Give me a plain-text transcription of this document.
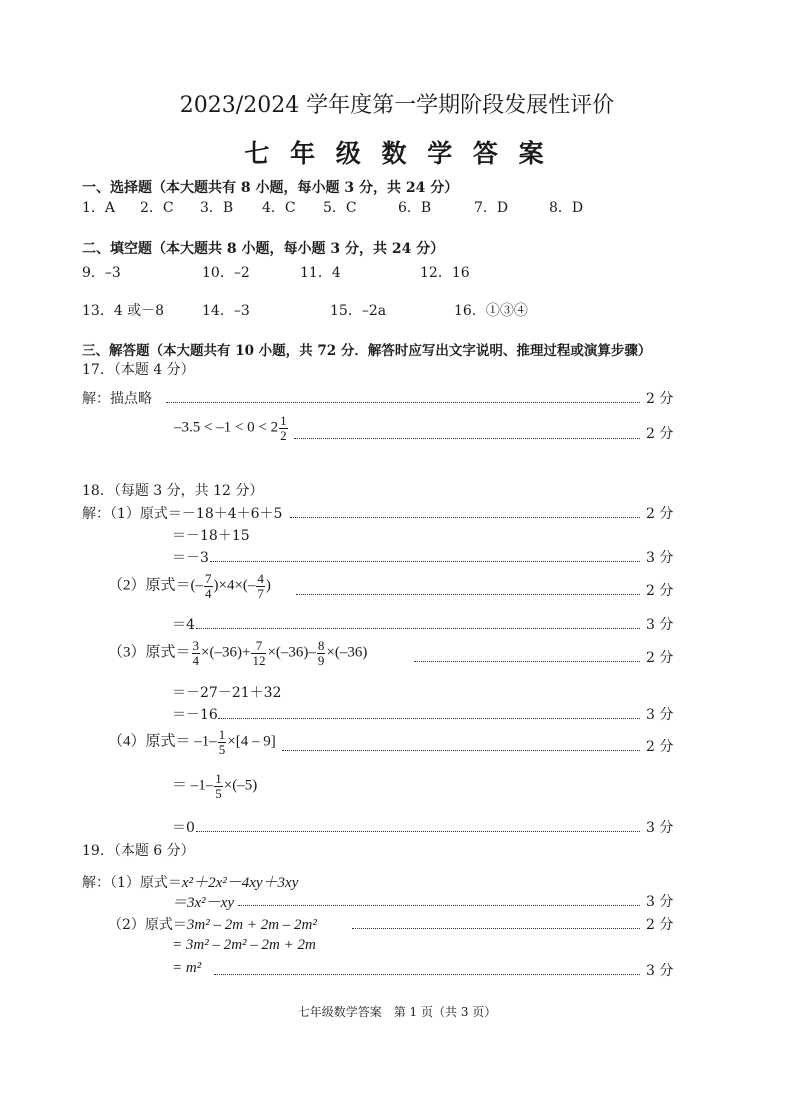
2023/2024 学年度第一学期阶段发展性评价
七 年 级 数 学 答 案
一、选择题（本大题共有 8 小题，每小题 3 分，共 24 分）
1．A 2．C 3．B 4．C 5．C	6．B	7．D	8．D
二、填空题（本大题共 8 小题，每小题 3 分，共 24 分）
9．–3	10．–2	11．4	12．16
13．4 或－8	14．–3	15．–2a	16．①③④
三、解答题（本大题共有 10 小题，共 72 分．解答时应写出文字说明、推理过程或演算步骤）
17．（本题 4 分）
解：描点略	2 分
$-3.5 < -1 < 0 < 2 \frac{1}{2}$	2 分
18．（每题 3 分，共 12 分）
解：（1）原式＝－18＋4＋6＋5	2 分
＝－18＋15
＝－3	3 分
（2）原式＝(– $\frac{7}{4} )\times 4\times(- \frac{4}{7}$ )	2 分
＝4	3 分
（3）原式＝ $\frac{3}{4} \times(-36)+ \frac{7}{12} \times(-36)- \frac{8}{9} \times(-36)$	2 分
＝－27－21＋32
＝－16	3 分
（4）原式＝ $-1- \frac{1}{5} \times[4 - 9]$	2 分
＝ $-1- \frac{1}{5} \times(-5)$
＝0	3 分
19．（本题 6 分）
解：（1）原式＝x²＋2x²－4xy＋3xy
＝3x²－xy	3 分
（2）原式＝3m² – 2m + 2m – 2m²	2 分
= 3m² – 2m² – 2m + 2m
= m²	3 分
七年级数学答案　第 1 页（共 3 页）
